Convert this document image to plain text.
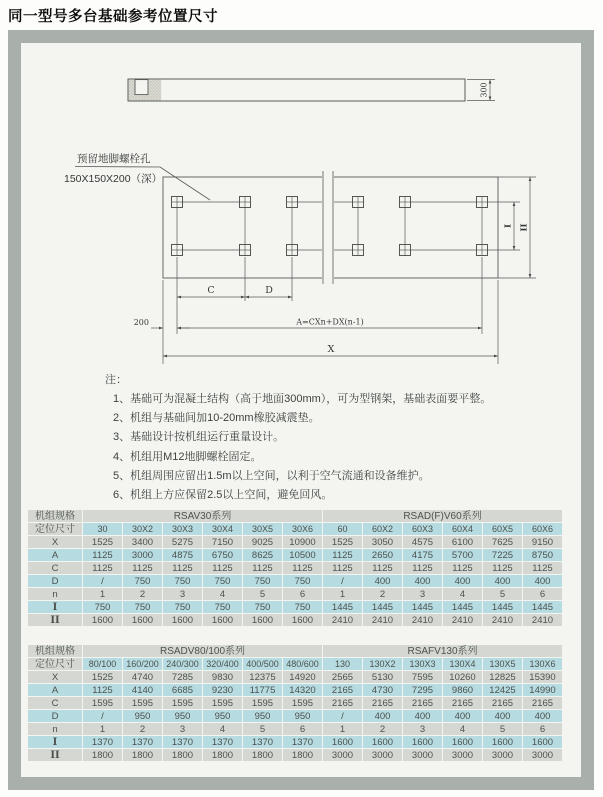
同一型号多台基础参考位置尺寸
300
预留地脚螺栓孔
150X150X200（深）
I II
C	D
200	A=CXn+DX(n-1)
X
注：
1、基础可为混凝土结构（高于地面300mm），可为型钢架，基础表面要平整。
2、机组与基础间加10-20mm橡胶减震垫。
3、基础设计按机组运行重量设计。
4、机组用M12地脚螺栓固定。
5、机组周围应留出1.5m以上空间，以利于空气流通和设备维护。
6、机组上方应保留2.5以上空间，避免回风。
机组规格	RSAV30系列						RSAD(F)V60系列					
定位尺寸	30	30X2	30X3	30X4	30X5	30X6	60	60X2	60X3	60X4	60X5	60X6
X	1525	3400	5275	7150	9025	10900	1525	3050	4575	6100	7625	9150
A	1125	3000	4875	6750	8625	10500	1125	2650	4175	5700	7225	8750
C	1125	1125	1125	1125	1125	1125	1125	1125	1125	1125	1125	1125
D	/	750	750	750	750	750	/	400	400	400	400	400
n	1	2	3	4	5	6	1	2	3	4	5	6
I	750	750	750	750	750	750	1445	1445	1445	1445	1445	1445
II	1600	1600	1600	1600	1600	1600	2410	2410	2410	2410	2410	2410
机组规格	RSADV80/100系列						RSAFV130系列					
定位尺寸	80/100	160/200	240/300	320/400	400/500	480/600	130	130X2	130X3	130X4	130X5	130X6
X	1525	4740	7285	9830	12375	14920	2565	5130	7595	10260	12825	15390
A	1125	4140	6685	9230	11775	14320	2165	4730	7295	9860	12425	14990
C	1595	1595	1595	1595	1595	1595	2165	2165	2165	2165	2165	2165
D	/	950	950	950	950	950	/	400	400	400	400	400
n	1	2	3	4	5	6	1	2	3	4	5	6
I	1370	1370	1370	1370	1370	1370	1600	1600	1600	1600	1600	1600
II	1800	1800	1800	1800	1800	1800	3000	3000	3000	3000	3000	3000
